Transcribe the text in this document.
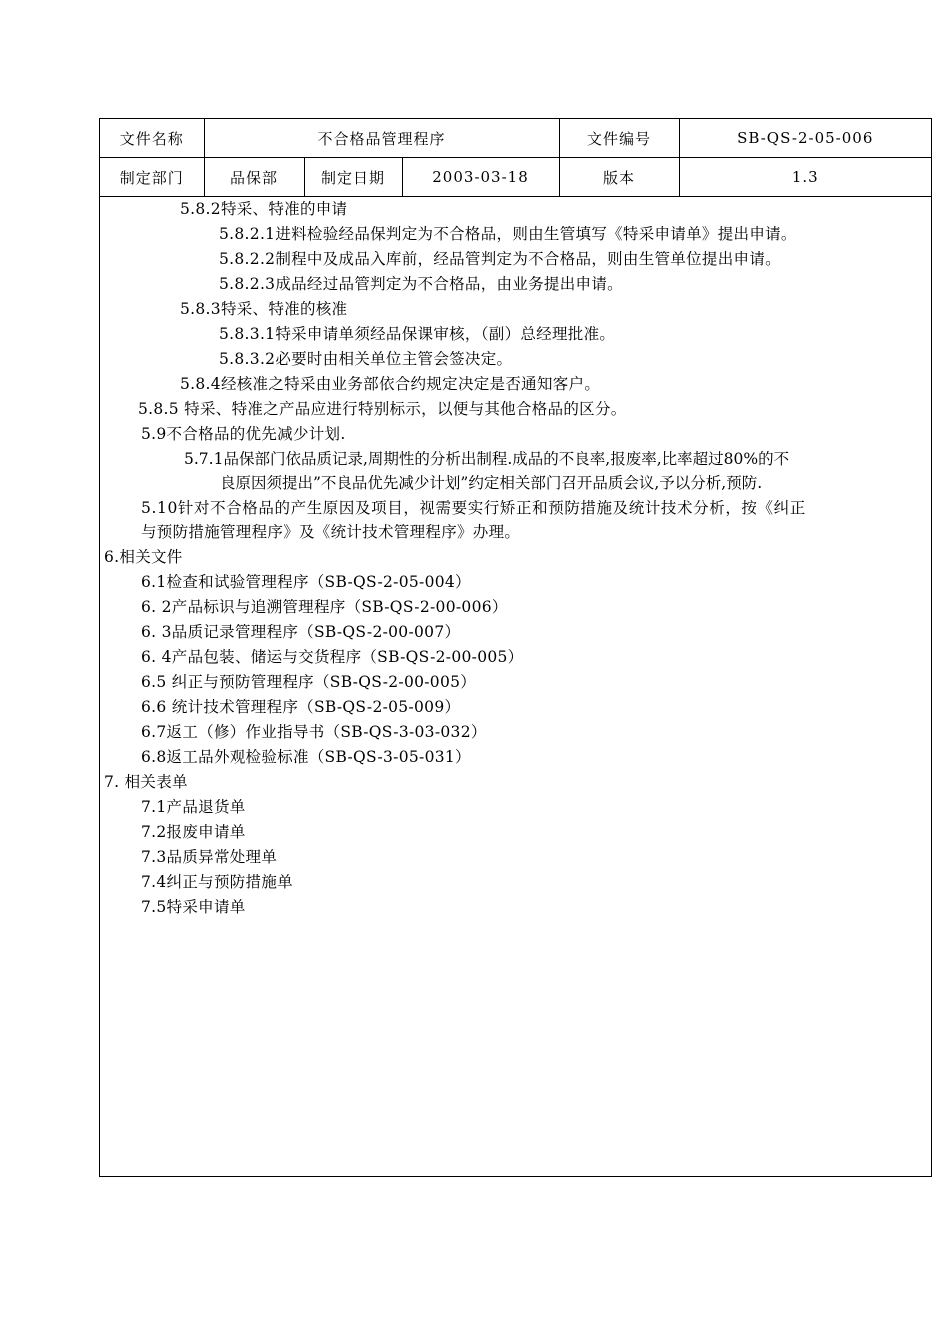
文件名称	不合格品管理程序			文件编号	SB-QS-2-05-006
制定部门	品保部	制定日期	2003-03-18	版本	1.3
5.8.2特采、特准的申请
5.8.2.1进料检验经品保判定为不合格品，则由生管填写《特采申请单》提出申请。
5.8.2.2制程中及成品入库前，经品管判定为不合格品，则由生管单位提出申请。
5.8.2.3成品经过品管判定为不合格品，由业务提出申请。
5.8.3特采、特准的核准
5.8.3.1特采申请单须经品保课审核，（副）总经理批准。
5.8.3.2必要时由相关单位主管会签决定。
5.8.4经核准之特采由业务部依合约规定决定是否通知客户。
5.8.5 特采、特准之产品应进行特别标示，以便与其他合格品的区分。
5.9不合格品的优先减少计划.
5.7.1品保部门依品质记录,周期性的分析出制程.成品的不良率,报废率,比率超过80%的不
良原因须提出”不良品优先减少计划”约定相关部门召开品质会议,予以分析,预防.
5.10针对不合格品的产生原因及项目，视需要实行矫正和预防措施及统计技术分析，按《纠正
与预防措施管理程序》及《统计技术管理程序》办理。
6.相关文件
6.1检查和试验管理程序（SB-QS-2-05-004）
6. 2产品标识与追溯管理程序（SB-QS-2-00-006）
6. 3品质记录管理程序（SB-QS-2-00-007）
6. 4产品包装、储运与交货程序（SB-QS-2-00-005）
6.5 纠正与预防管理程序（SB-QS-2-00-005）
6.6 统计技术管理程序（SB-QS-2-05-009）
6.7返工（修）作业指导书（SB-QS-3-03-032）
6.8返工品外观检验标准（SB-QS-3-05-031）
7. 相关表单
7.1产品退货单
7.2报废申请单
7.3品质异常处理单
7.4纠正与预防措施单
7.5特采申请单
